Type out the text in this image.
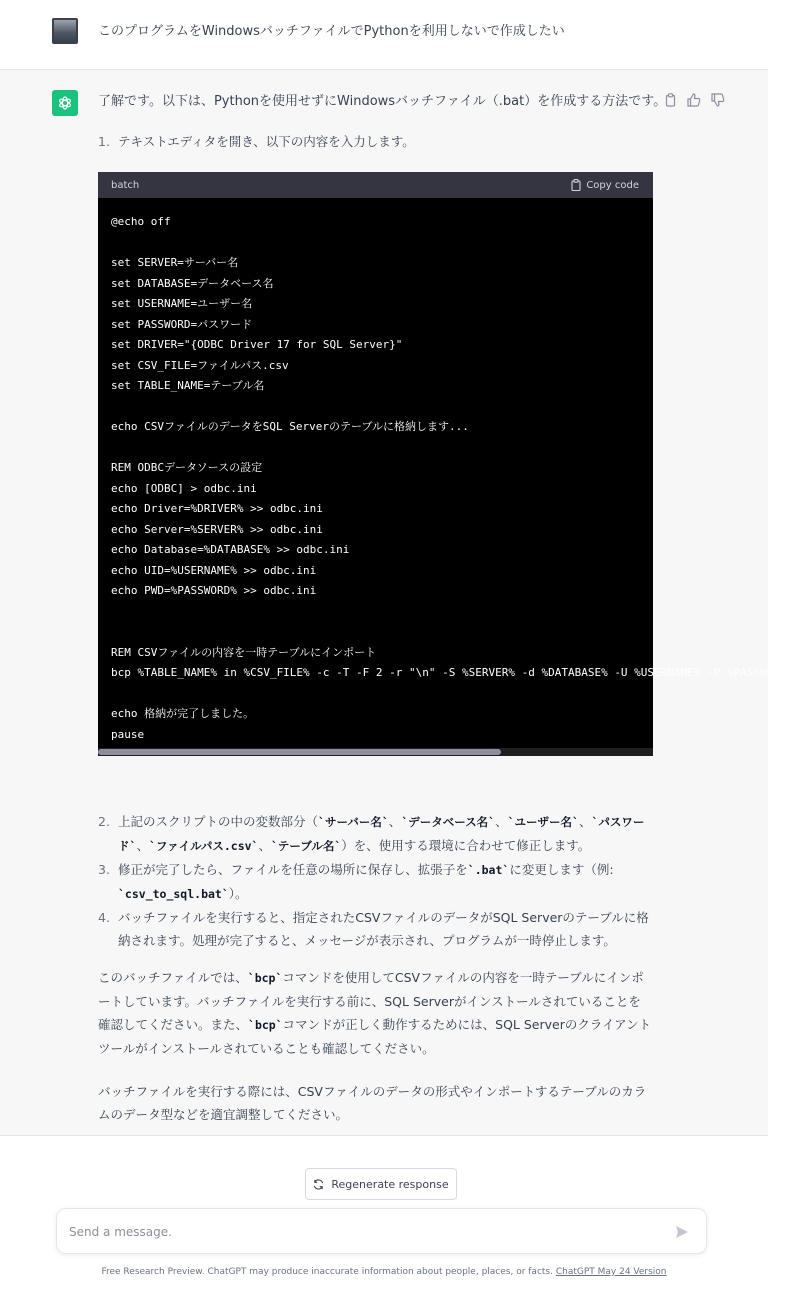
このプログラムをWindowsバッチファイルでPythonを利用しないで作成したい
了解です。以下は、Pythonを使用せずにWindowsバッチファイル（.bat）を作成する方法です。
1. テキストエディタを開き、以下の内容を入力します。
batch	Copy code
@echo off

set SERVER=サーバー名
set DATABASE=データベース名
set USERNAME=ユーザー名
set PASSWORD=パスワード
set DRIVER="{ODBC Driver 17 for SQL Server}"
set CSV_FILE=ファイルパス.csv
set TABLE_NAME=テーブル名

echo CSVファイルのデータをSQL Serverのテーブルに格納します...

REM ODBCデータソースの設定
echo [ODBC] > odbc.ini
echo Driver=%DRIVER% >> odbc.ini
echo Server=%SERVER% >> odbc.ini
echo Database=%DATABASE% >> odbc.ini
echo UID=%USERNAME% >> odbc.ini
echo PWD=%PASSWORD% >> odbc.ini

REM CSVファイルの内容を一時テーブルにインポート
bcp %TABLE_NAME% in %CSV_FILE% -c -T -F 2 -r "\n" -S %SERVER% -d %DATABASE% -U %USERNAME% -P %PASSWORD%

echo 格納が完了しました。
pause
2. 上記のスクリプトの中の変数部分（`サーバー名`、`データベース名`、`ユーザー名`、`パスワード`、`ファイルパス.csv`、`テーブル名`）を、使用する環境に合わせて修正します。
3. 修正が完了したら、ファイルを任意の場所に保存し、拡張子を`.bat`に変更します（例: `csv_to_sql.bat`）。
4. バッチファイルを実行すると、指定されたCSVファイルのデータがSQL Serverのテーブルに格納されます。処理が完了すると、メッセージが表示され、プログラムが一時停止します。

このバッチファイルでは、`bcp`コマンドを使用してCSVファイルの内容を一時テーブルにインポートしています。バッチファイルを実行する前に、SQL Serverがインストールされていることを確認してください。また、`bcp`コマンドが正しく動作するためには、SQL Serverのクライアントツールがインストールされていることも確認してください。

バッチファイルを実行する際には、CSVファイルのデータの形式やインポートするテーブルのカラムのデータ型などを適宜調整してください。

Regenerate response
Send a message.
Free Research Preview. ChatGPT may produce inaccurate information about people, places, or facts. ChatGPT May 24 Version
